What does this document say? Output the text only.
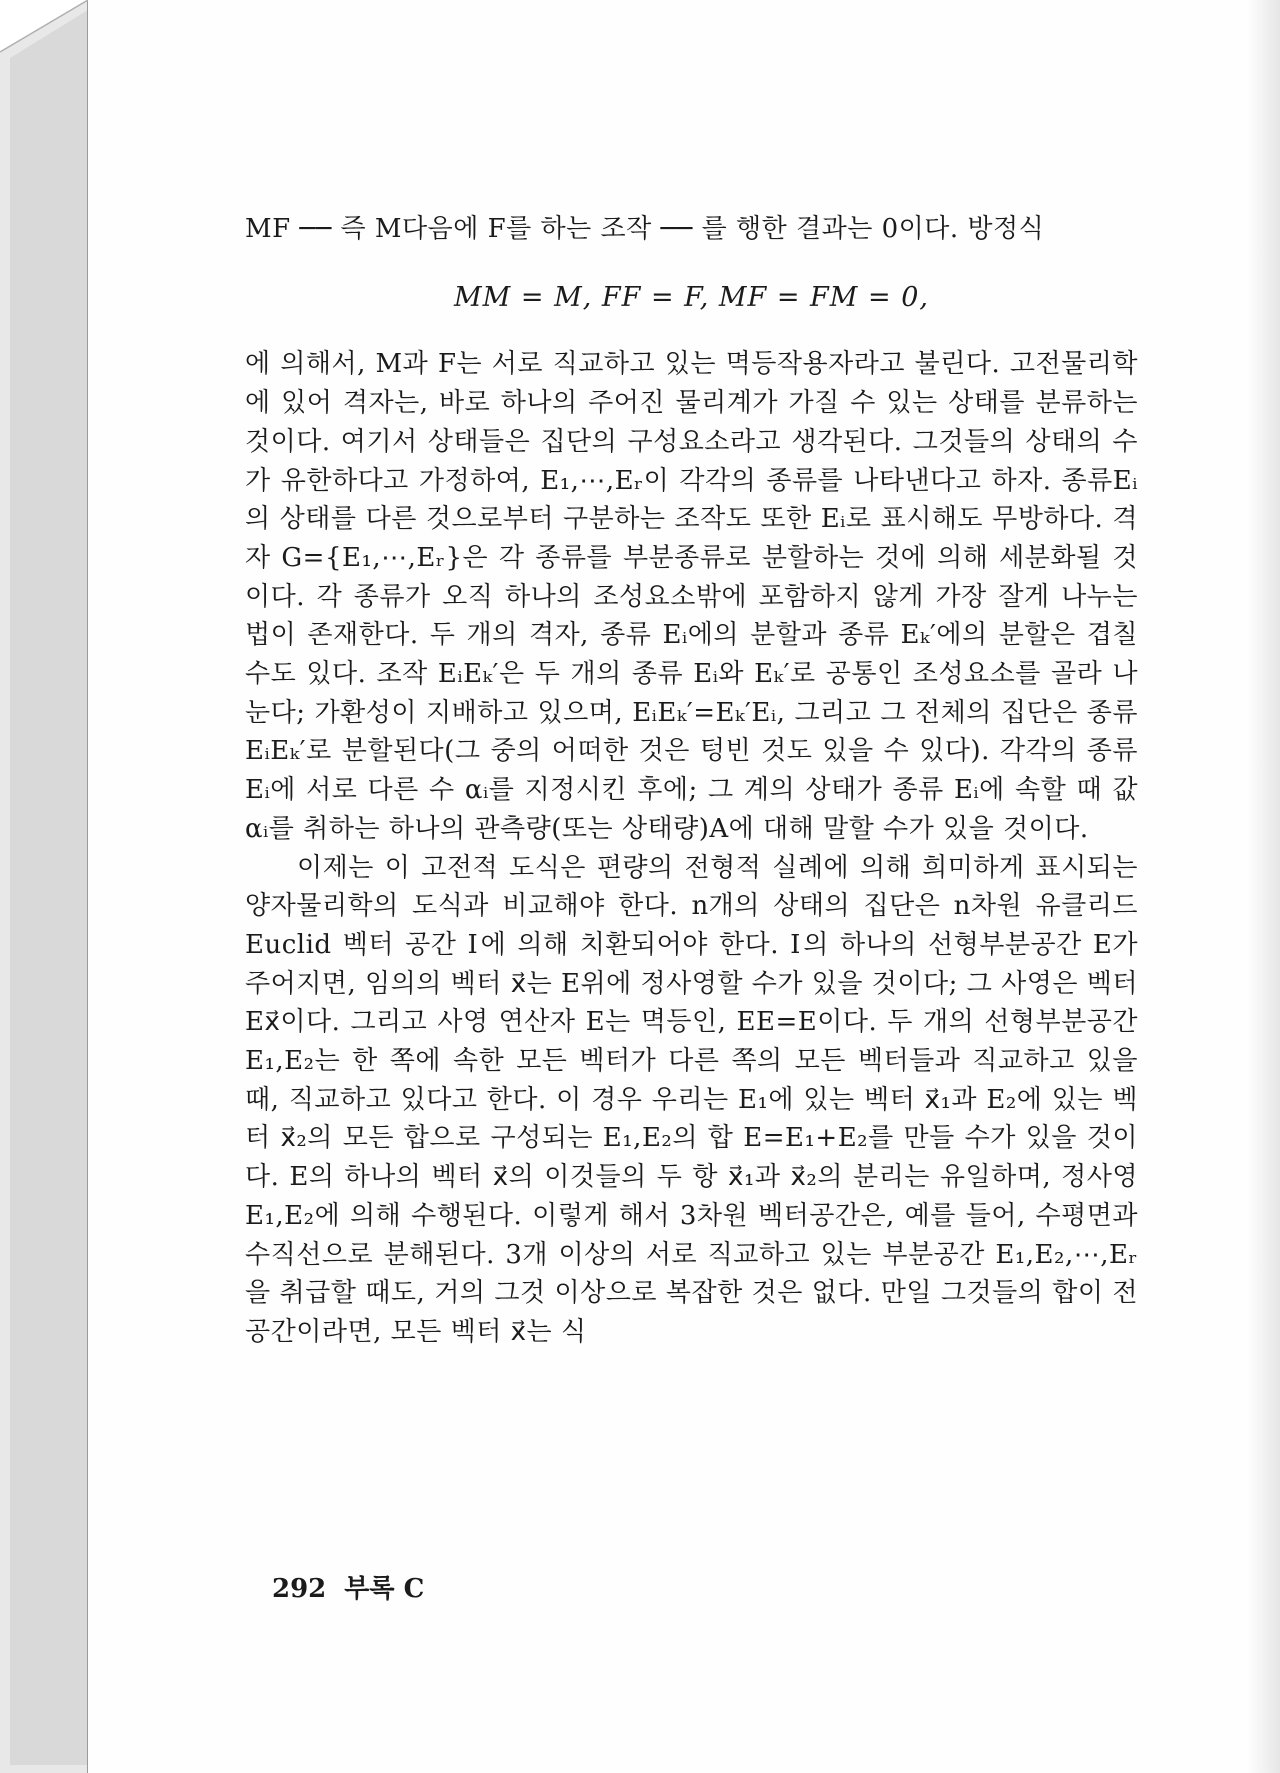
MF ── 즉 M다음에 F를 하는 조작 ── 를 행한 결과는 0이다. 방정식

MM = M, FF = F, MF = FM = 0,

에 의해서, M과 F는 서로 직교하고 있는 멱등작용자라고 불린다. 고전물리학에 있어 격자는, 바로 하나의 주어진 물리계가 가질 수 있는 상태를 분류하는 것이다. 여기서 상태들은 집단의 구성요소라고 생각된다. 그것들의 상태의 수가 유한하다고 가정하여, E₁,⋯,Eᵣ이 각각의 종류를 나타낸다고 하자. 종류Eᵢ의 상태를 다른 것으로부터 구분하는 조작도 또한 Eᵢ로 표시해도 무방하다. 격자 G={E₁,⋯,Eᵣ}은 각 종류를 부분종류로 분할하는 것에 의해 세분화될 것이다. 각 종류가 오직 하나의 조성요소밖에 포함하지 않게 가장 잘게 나누는 법이 존재한다. 두 개의 격자, 종류 Eᵢ에의 분할과 종류 Eₖ′에의 분할은 겹칠 수도 있다. 조작 EᵢEₖ′은 두 개의 종류 Eᵢ와 Eₖ′로 공통인 조성요소를 골라 나눈다; 가환성이 지배하고 있으며, EᵢEₖ′=Eₖ′Eᵢ, 그리고 그 전체의 집단은 종류 EᵢEₖ′로 분할된다(그 중의 어떠한 것은 텅빈 것도 있을 수 있다). 각각의 종류 Eᵢ에 서로 다른 수 αᵢ를 지정시킨 후에; 그 계의 상태가 종류 Eᵢ에 속할 때 값 αᵢ를 취하는 하나의 관측량(또는 상태량)A에 대해 말할 수가 있을 것이다.

이제는 이 고전적 도식은 편량의 전형적 실례에 의해 희미하게 표시되는 양자물리학의 도식과 비교해야 한다. n개의 상태의 집단은 n차원 유클리드Euclid 벡터 공간 Ⅰ에 의해 치환되어야 한다. Ⅰ의 하나의 선형부분공간 E가 주어지면, 임의의 벡터 x⃗는 E위에 정사영할 수가 있을 것이다; 그 사영은 벡터 Ex⃗이다. 그리고 사영 연산자 E는 멱등인, EE=E이다. 두 개의 선형부분공간 E₁,E₂는 한 쪽에 속한 모든 벡터가 다른 쪽의 모든 벡터들과 직교하고 있을 때, 직교하고 있다고 한다. 이 경우 우리는 E₁에 있는 벡터 x⃗₁과 E₂에 있는 벡터 x⃗₂의 모든 합으로 구성되는 E₁,E₂의 합 E=E₁+E₂를 만들 수가 있을 것이다. E의 하나의 벡터 x⃗의 이것들의 두 항 x⃗₁과 x⃗₂의 분리는 유일하며, 정사영 E₁,E₂에 의해 수행된다. 이렇게 해서 3차원 벡터공간은, 예를 들어, 수평면과 수직선으로 분해된다. 3개 이상의 서로 직교하고 있는 부분공간 E₁,E₂,⋯,Eᵣ을 취급할 때도, 거의 그것 이상으로 복잡한 것은 없다. 만일 그것들의 합이 전공간이라면, 모든 벡터 x⃗는 식

292 부록 C
